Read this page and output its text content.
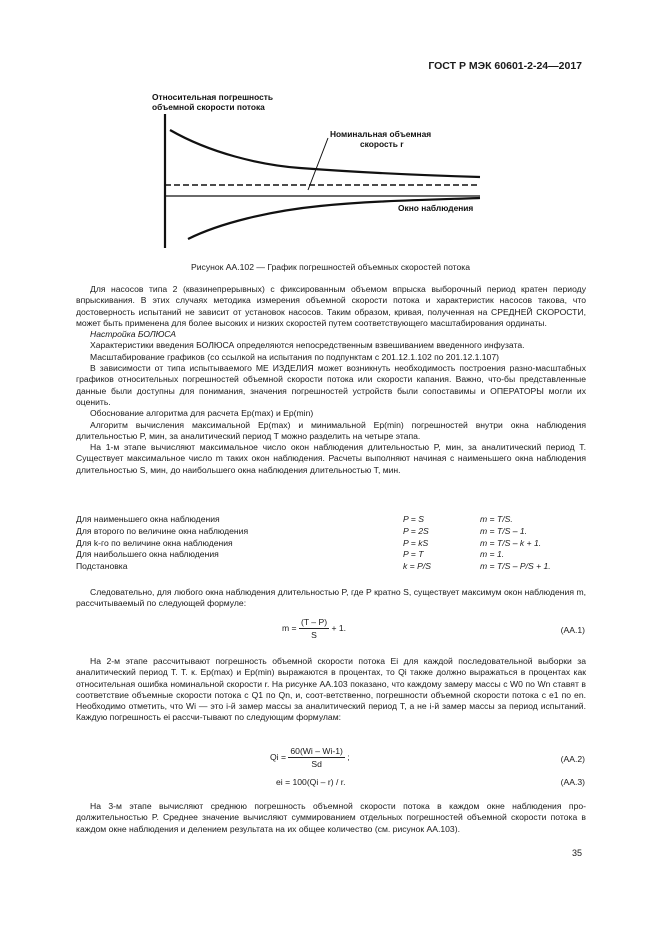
ГОСТ Р МЭК 60601-2-24—2017
Относительная погрешность
объемной скорости потока
Номинальная объемная
скорость r
Окно наблюдения
Рисунок АА.102 — График погрешностей объемных скоростей потока

Для насосов типа 2 (квазинепрерывных) с фиксированным объемом впрыска выборочный период кратен периоду впрыскивания. В этих случаях методика измерения объемной скорости потока и характеристик насосов такова, что достоверность испытаний не зависит от установок насосов. Таким образом, кривая, полученная на СРЕДНЕЙ СКОРОСТИ, может быть применена для более высоких и низких скоростей путем соответствующего масштабирования ординаты.

Настройка БОЛЮСА

Характеристики введения БОЛЮСА определяются непосредственным взвешиванием введенного инфузата.

Масштабирование графиков (со ссылкой на испытания по подпунктам с 201.12.1.102 по 201.12.1.107)

В зависимости от типа испытываемого МЕ ИЗДЕЛИЯ может возникнуть необходимость построения разно-масштабных графиков относительных погрешностей объемной скорости потока или скорости капания. Важно, что-бы представленные данные были доступны для понимания, значения погрешностей устройств были сопоставимы и ОПЕРАТОРЫ могли их оценить.

Обоснование алгоритма для расчета Ep(max) и Ep(min)

Алгоритм вычисления максимальной Ep(max) и минимальной Ep(min) погрешностей внутри окна наблюдения длительностью P, мин, за аналитический период T можно разделить на четыре этапа.

На 1-м этапе вычисляют максимальное число окон наблюдения длительностью P, мин, за аналитический период T. Существует максимальное число m таких окон наблюдения. Расчеты выполняют начиная с наименьшего окна наблюдения длительностью S, мин, до наибольшего окна наблюдения длительностью T, мин.

Для наименьшего окна наблюдения	P = S	m = T/S.
Для второго по величине окна наблюдения	P = 2S	m = T/S – 1.
Для k-го по величине окна наблюдения	P = kS	m = T/S – k + 1.
Для наибольшего окна наблюдения	P = T	m = 1.
Подстановка	k = P/S	m = T/S – P/S + 1.

Следовательно, для любого окна наблюдения длительностью P, где P кратно S, существует максимум окон наблюдения m, рассчитываемый по следующей формуле:

$m = \frac{(T - P)}{S} + 1$.	(АА.1)

На 2-м этапе рассчитывают погрешность объемной скорости потока Ei для каждой последовательной выборки за аналитический период T. Т. к. Ep(max) и Ep(min) выражаются в процентах, то Qi также должно выражаться в процентах как относительная ошибка номинальной скорости r. На рисунке АА.103 показано, что каждому замеру массы с W0 по Wn ставят в соответствие объемные скорости потока с Q1 по Qn, и, соот-ветственно, погрешности объемной скорости потока с e1 по en. Необходимо отметить, что Wi — это i-й замер массы за аналитический период T, а не i-й замер массы за период испытаний. Каждую погрешность ei рассчи-тывают по следующим формулам:

$Qi = \frac{60(Wi - Wi-1)}{Sd}$ ;	(АА.2)
ei = 100(Qi – r) / r.	(АА.3)

На 3-м этапе вычисляют среднюю погрешность объемной скорости потока в каждом окне наблюдения про-должительностью P. Среднее значение вычисляют суммированием отдельных погрешностей объемной скорости потока в каждом окне наблюдения и делением результата на их общее количество (см. рисунок АА.103).

35
